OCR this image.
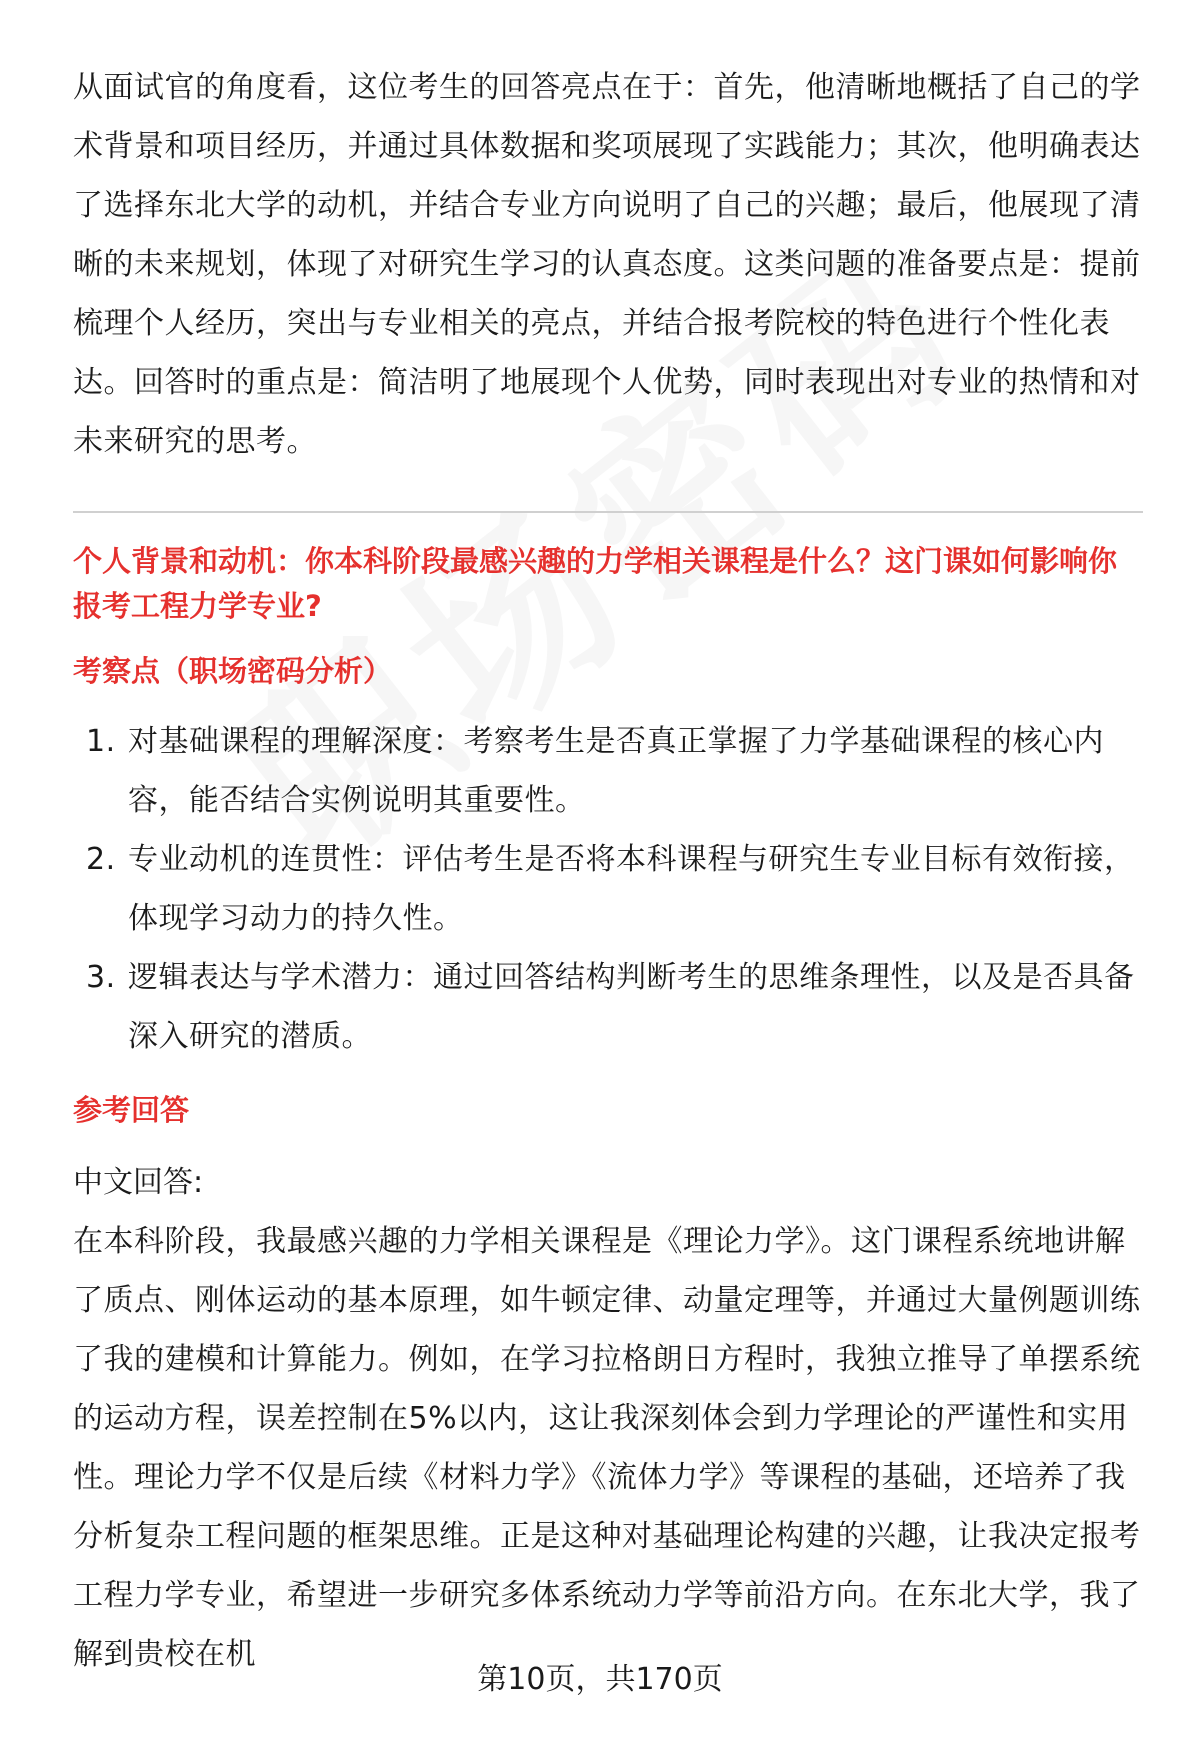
从面试官的角度看，这位考生的回答亮点在于：首先，他清晰地概括了自己的学术背景和项目经历，并通过具体数据和奖项展现了实践能力；其次，他明确表达了选择东北大学的动机，并结合专业方向说明了自己的兴趣；最后，他展现了清晰的未来规划，体现了对研究生学习的认真态度。这类问题的准备要点是：提前梳理个人经历，突出与专业相关的亮点，并结合报考院校的特色进行个性化表达。回答时的重点是：简洁明了地展现个人优势，同时表现出对专业的热情和对未来研究的思考。

个人背景和动机：你本科阶段最感兴趣的力学相关课程是什么？这门课如何影响你报考工程力学专业?

考察点（职场密码分析）

1. 对基础课程的理解深度：考察考生是否真正掌握了力学基础课程的核心内容，能否结合实例说明其重要性。
2. 专业动机的连贯性：评估考生是否将本科课程与研究生专业目标有效衔接，体现学习动力的持久性。
3. 逻辑表达与学术潜力：通过回答结构判断考生的思维条理性，以及是否具备深入研究的潜质。

参考回答

中文回答:

在本科阶段，我最感兴趣的力学相关课程是《理论力学》。这门课程系统地讲解了质点、刚体运动的基本原理，如牛顿定律、动量定理等，并通过大量例题训练了我的建模和计算能力。例如，在学习拉格朗日方程时，我独立推导了单摆系统的运动方程，误差控制在5%以内，这让我深刻体会到力学理论的严谨性和实用性。理论力学不仅是后续《材料力学》《流体力学》等课程的基础，还培养了我分析复杂工程问题的框架思维。正是这种对基础理论构建的兴趣，让我决定报考工程力学专业，希望进一步研究多体系统动力学等前沿方向。在东北大学，我了解到贵校在机

第10页，共170页
